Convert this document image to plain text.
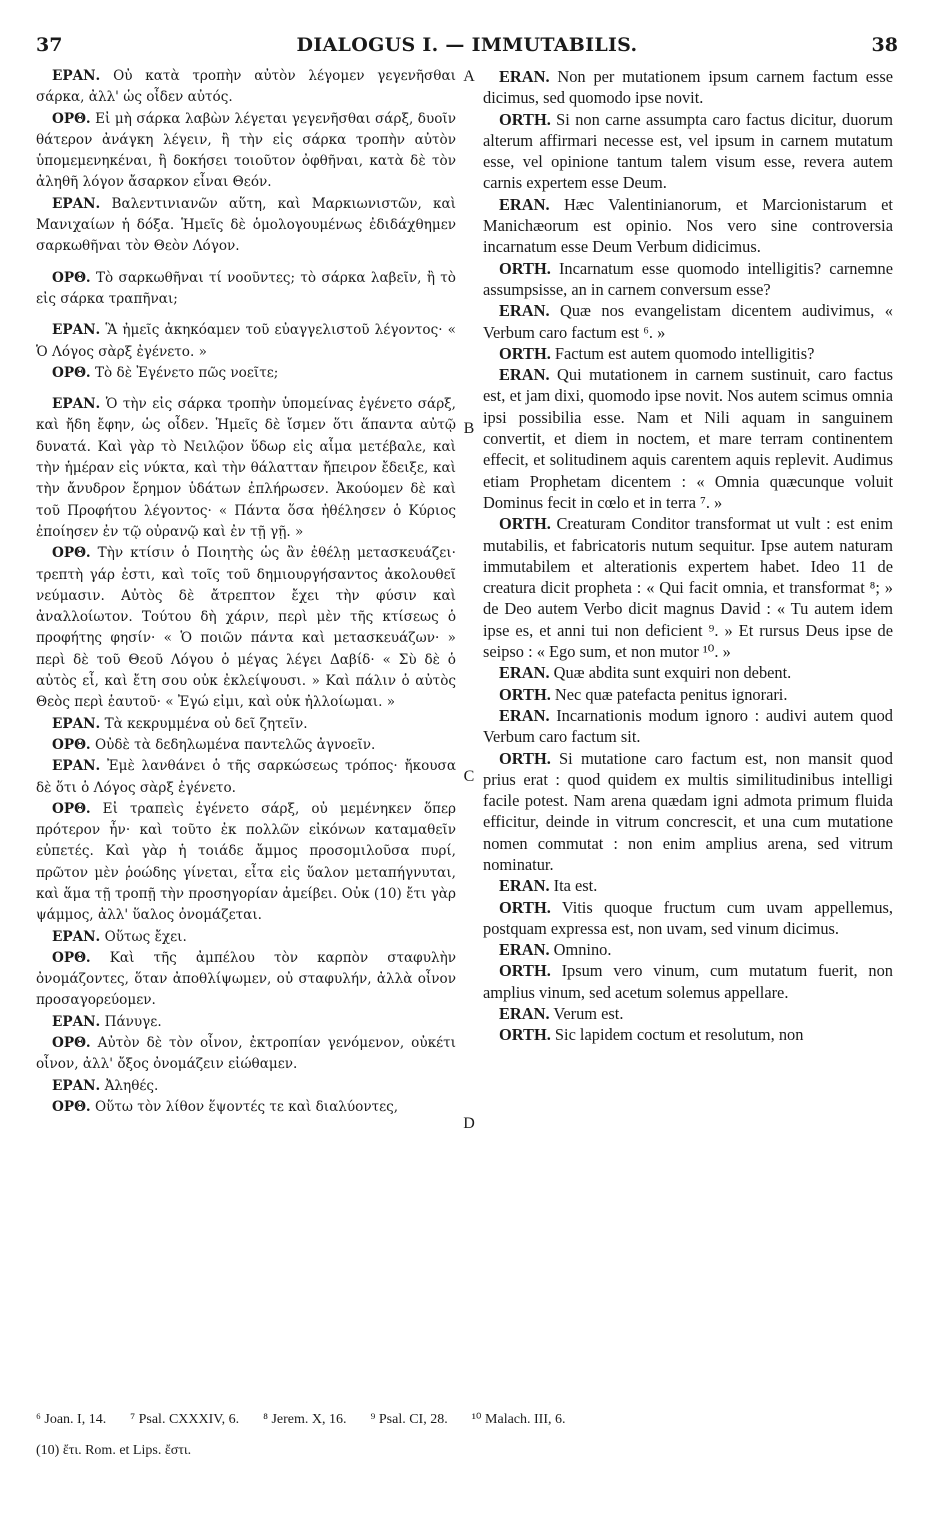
37	DIALOGUS I. — IMMUTABILIS.	38

ΕΡΑΝ. Οὐ κατὰ τροπὴν αὐτὸν λέγομεν γεγενῆσθαι σάρκα, ἀλλ' ὡς οἶδεν αὐτός.

ΟΡΘ. Εἰ μὴ σάρκα λαβὼν λέγεται γεγενῆσθαι σάρξ, δυοῖν θάτερον ἀνάγκη λέγειν, ἢ τὴν εἰς σάρκα τροπὴν αὐτὸν ὑπομεμενηκέναι, ἢ δοκήσει τοιοῦτον ὀφθῆναι, κατὰ δὲ τὸν ἀληθῆ λόγον ἄσαρκον εἶναι Θεόν.

ΕΡΑΝ. Βαλεντινιανῶν αὕτη, καὶ Μαρκιωνιστῶν, καὶ Μανιχαίων ἡ δόξα. Ἡμεῖς δὲ ὁμολογουμένως ἐδιδάχθημεν σαρκωθῆναι τὸν Θεὸν Λόγον.

ΟΡΘ. Τὸ σαρκωθῆναι τί νοοῦντες; τὸ σάρκα λαβεῖν, ἢ τὸ εἰς σάρκα τραπῆναι;

ΕΡΑΝ. Ἃ ἠμεῖς ἀκηκόαμεν τοῦ εὐαγγελιστοῦ λέγοντος· « Ὁ Λόγος σὰρξ ἐγένετο. »

ΟΡΘ. Τὸ δὲ Ἐγένετο πῶς νοεῖτε;

ΕΡΑΝ. Ὁ τὴν εἰς σάρκα τροπὴν ὑπομείνας ἐγένετο σάρξ, καὶ ἤδη ἔφην, ὡς οἶδεν. Ἡμεῖς δὲ ἴσμεν ὅτι ἅπαντα αὐτῷ δυνατά. Καὶ γὰρ τὸ Νειλῷον ὕδωρ εἰς αἷμα μετέβαλε, καὶ τὴν ἡμέραν εἰς νύκτα, καὶ τὴν θάλατταν ἤπειρον ἔδειξε, καὶ τὴν ἄνυδρον ἔρημον ὑδάτων ἐπλήρωσεν. Ἀκούομεν δὲ καὶ τοῦ Προφήτου λέγοντος· « Πάντα ὅσα ἠθέλησεν ὁ Κύριος ἐποίησεν ἐν τῷ οὐρανῷ καὶ ἐν τῇ γῇ. »

ΟΡΘ. Τὴν κτίσιν ὁ Ποιητὴς ὡς ἂν ἐθέλῃ μετασκευάζει· τρεπτὴ γάρ ἐστι, καὶ τοῖς τοῦ δημιουργήσαντος ἀκολουθεῖ νεύμασιν. Αὐτὸς δὲ ἄτρεπτον ἔχει τὴν φύσιν καὶ ἀναλλοίωτον. Τούτου δὴ χάριν, περὶ μὲν τῆς κτίσεως ὁ προφήτης φησίν· « Ὁ ποιῶν πάντα καὶ μετασκευάζων· » περὶ δὲ τοῦ Θεοῦ Λόγου ὁ μέγας λέγει Δαβίδ· « Σὺ δὲ ὁ αὐτὸς εἶ, καὶ ἔτη σου οὐκ ἐκλείψουσι. » Καὶ πάλιν ὁ αὐτὸς Θεὸς περὶ ἑαυτοῦ· « Ἐγώ εἰμι, καὶ οὐκ ἠλλοίωμαι. »

ΕΡΑΝ. Τὰ κεκρυμμένα οὐ δεῖ ζητεῖν.

ΟΡΘ. Οὐδὲ τὰ δεδηλωμένα παντελῶς ἀγνοεῖν.

ΕΡΑΝ. Ἐμὲ λανθάνει ὁ τῆς σαρκώσεως τρόπος· ἤκουσα δὲ ὅτι ὁ Λόγος σὰρξ ἐγένετο.

ΟΡΘ. Εἰ τραπεὶς ἐγένετο σάρξ, οὐ μεμένηκεν ὅπερ πρότερον ἦν· καὶ τοῦτο ἐκ πολλῶν εἰκόνων καταμαθεῖν εὐπετές. Καὶ γὰρ ἡ τοιάδε ἄμμος προσομιλοῦσα πυρί, πρῶτον μὲν ῥοώδης γίνεται, εἶτα εἰς ὕαλον μεταπήγνυται, καὶ ἅμα τῇ τροπῇ τὴν προσηγορίαν ἀμείβει. Οὐκ (10) ἔτι γὰρ ψάμμος, ἀλλ' ὕαλος ὀνομάζεται.

ΕΡΑΝ. Οὕτως ἔχει.

ΟΡΘ. Καὶ τῆς ἀμπέλου τὸν καρπὸν σταφυλὴν ὀνομάζοντες, ὅταν ἀποθλίψωμεν, οὐ σταφυλήν, ἀλλὰ οἶνον προσαγορεύομεν.

ΕΡΑΝ. Πάνυγε.

ΟΡΘ. Αὐτὸν δὲ τὸν οἶνον, ἐκτροπίαν γενόμενον, οὐκέτι οἶνον, ἀλλ' ὄξος ὀνομάζειν εἰώθαμεν.

ΕΡΑΝ. Ἀληθές.

ΟΡΘ. Οὕτω τὸν λίθον ἕψοντές τε καὶ διαλύοντες,

ERAN. Non per mutationem ipsum carnem factum esse dicimus, sed quomodo ipse novit.

ORTH. Si non carne assumpta caro factus dicitur, duorum alterum affirmari necesse est, vel ipsum in carnem mutatum esse, vel opinione tantum talem visum esse, revera autem carnis expertem esse Deum.

ERAN. Hæc Valentinianorum, et Marcionistarum et Manichæorum est opinio. Nos vero sine controversia incarnatum esse Deum Verbum didicimus.

ORTH. Incarnatum esse quomodo intelligitis? carnemne assumpsisse, an in carnem conversum esse?

ERAN. Quæ nos evangelistam dicentem audivimus, « Verbum caro factum est ⁶. »

ORTH. Factum est autem quomodo intelligitis?

ERAN. Qui mutationem in carnem sustinuit, caro factus est, et jam dixi, quomodo ipse novit. Nos autem scimus omnia ipsi possibilia esse. Nam et Nili aquam in sanguinem convertit, et diem in noctem, et mare terram continentem effecit, et solitudinem aquis carentem aquis replevit. Audimus etiam Prophetam dicentem : « Omnia quæcunque voluit Dominus fecit in cœlo et in terra ⁷. »

ORTH. Creaturam Conditor transformat ut vult : est enim mutabilis, et fabricatoris nutum sequitur. Ipse autem naturam immutabilem et alterationis expertem habet. Ideo 11 de creatura dicit propheta : « Qui facit omnia, et transformat ⁸; » de Deo autem Verbo dicit magnus David : « Tu autem idem ipse es, et anni tui non deficient ⁹. » Et rursus Deus ipse de seipso : « Ego sum, et non mutor ¹⁰. »

ERAN. Quæ abdita sunt exquiri non debent.

ORTH. Nec quæ patefacta penitus ignorari.

ERAN. Incarnationis modum ignoro : audivi autem quod Verbum caro factum sit.

ORTH. Si mutatione caro factum est, non mansit quod prius erat : quod quidem ex multis similitudinibus intelligi facile potest. Nam arena quædam igni admota primum fluida efficitur, deinde in vitrum concrescit, et una cum mutatione nomen commutat : non enim amplius arena, sed vitrum nominatur.

ERAN. Ita est.

ORTH. Vitis quoque fructum cum uvam appellemus, postquam expressa est, non uvam, sed vinum dicimus.

ERAN. Omnino.

ORTH. Ipsum vero vinum, cum mutatum fuerit, non amplius vinum, sed acetum solemus appellare.

ERAN. Verum est.

ORTH. Sic lapidem coctum et resolutum, non

A
B
C
D
⁶ Joan. I, 14. ⁷ Psal. CXXXIV, 6. ⁸ Jerem. X, 16. ⁹ Psal. CI, 28. ¹⁰ Malach. III, 6.
(10) ἔτι. Rom. et Lips. ἔστι.
